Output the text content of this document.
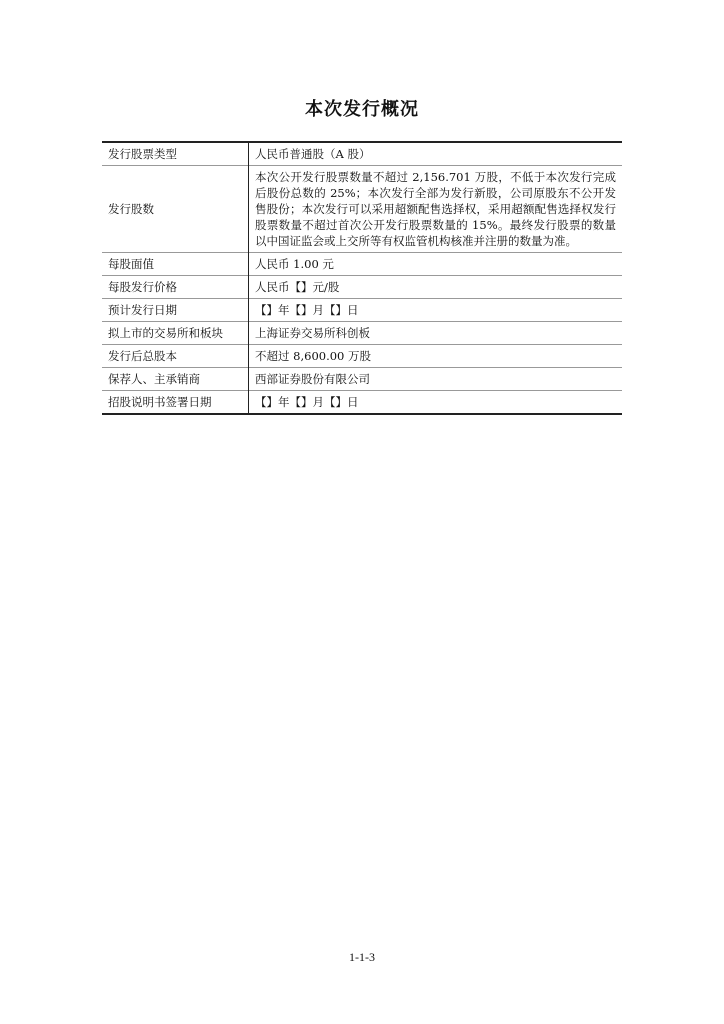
本次发行概况
发行股票类型	人民币普通股（A 股）
发行股数	本次公开发行股票数量不超过 2,156.701 万股，不低于本次发行完成后股份总数的 25%；本次发行全部为发行新股，公司原股东不公开发售股份；本次发行可以采用超额配售选择权，采用超额配售选择权发行股票数量不超过首次公开发行股票数量的 15%。最终发行股票的数量以中国证监会或上交所等有权监管机构核准并注册的数量为准。
每股面值	人民币 1.00 元
每股发行价格	人民币【】元/股
预计发行日期	【】年【】月【】日
拟上市的交易所和板块	上海证券交易所科创板
发行后总股本	不超过 8,600.00 万股
保荐人、主承销商	西部证券股份有限公司
招股说明书签署日期	【】年【】月【】日
1-1-3
